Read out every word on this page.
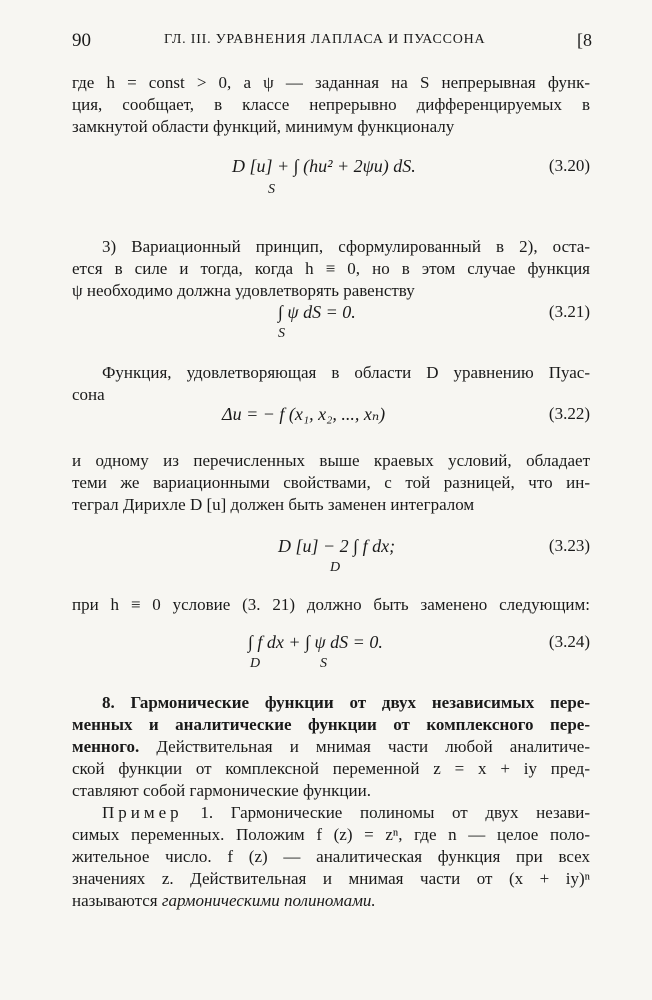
90	ГЛ. III. УРАВНЕНИЯ ЛАПЛАСА И ПУАССОНА	[8

где h = const > 0, а ψ — заданная на S непрерывная функ-
ция, сообщает, в классе непрерывно дифференцируемых в
замкнутой области функций, минимум функционалу

D [u] + ∫ (hu² + 2ψu) dS.
S
(3.20)

3) Вариационный принцип, сформулированный в 2), оста-
ется в силе и тогда, когда h ≡ 0, но в этом случае функция
ψ необходимо должна удовлетворять равенству

∫ ψ dS = 0.
S
(3.21)

Функция, удовлетворяющая в области D уравнению Пуас-
сона

Δu = − f (x₁, x₂, ..., xₙ)	(3.22)

и одному из перечисленных выше краевых условий, обладает
теми же вариационными свойствами, с той разницей, что ин-
теграл Дирихле D [u] должен быть заменен интегралом

D [u] − 2 ∫ f dx;
D
(3.23)

при h ≡ 0 условие (3. 21) должно быть заменено следующим:

∫ f dx + ∫ ψ dS = 0.
D	S
(3.24)

8. Гармонические функции от двух независимых пере-
менных и аналитические функции от комплексного пере-
менного. Действительная и мнимая части любой аналитиче-
ской функции от комплексной переменной z = x + iy пред-
ставляют собой гармонические функции.

Пример 1. Гармонические полиномы от двух незави-
симых переменных. Положим f (z) = zⁿ, где n — целое поло-
жительное число. f (z) — аналитическая функция при всех
значениях z. Действительная и мнимая части от (x + iy)ⁿ
называются гармоническими полиномами.
